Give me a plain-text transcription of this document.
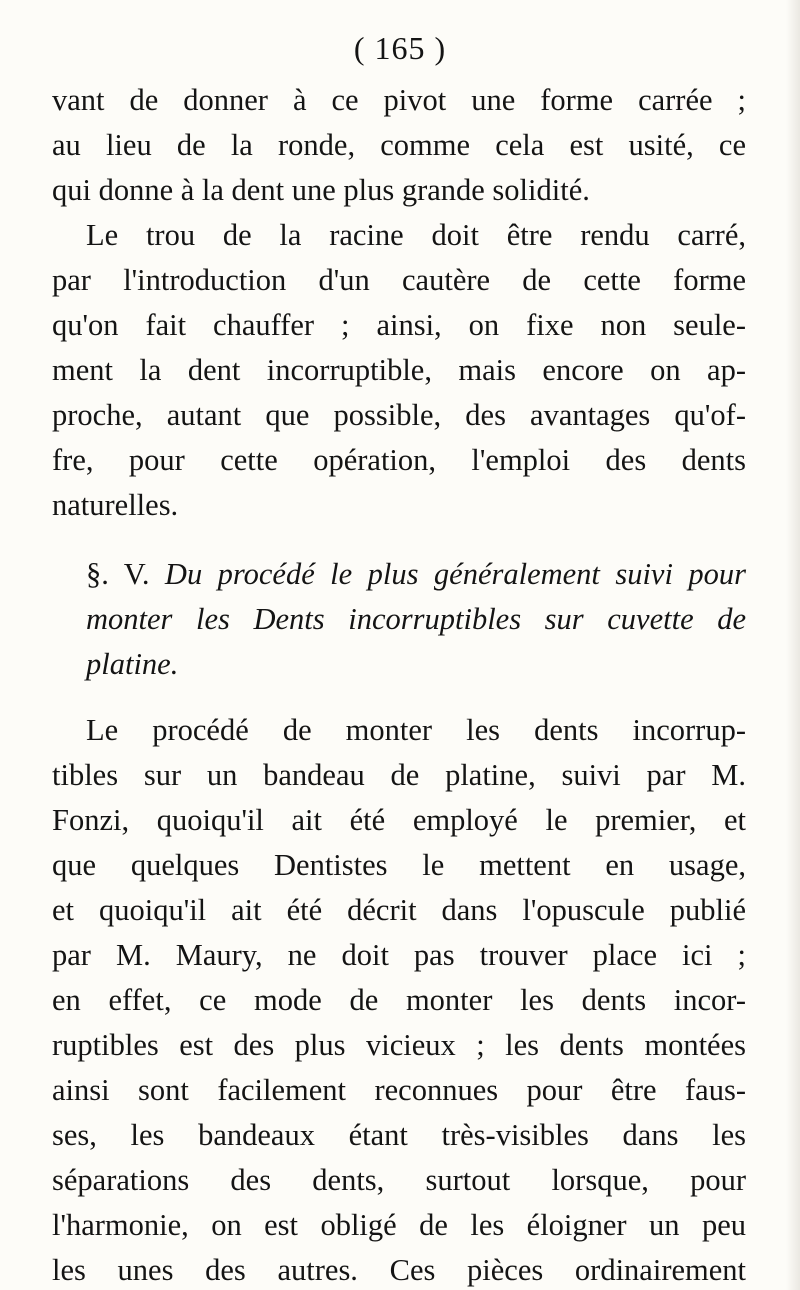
( 165 )
vant de donner à ce pivot une forme carrée ;
au lieu de la ronde, comme cela est usité, ce
qui donne à la dent une plus grande solidité.
Le trou de la racine doit être rendu carré,
par l'introduction d'un cautère de cette forme
qu'on fait chauffer ; ainsi, on fixe non seule-
ment la dent incorruptible, mais encore on ap-
proche, autant que possible, des avantages qu'of-
fre, pour cette opération, l'emploi des dents
naturelles.
§. V. Du procédé le plus généralement suivi pour
monter les Dents incorruptibles sur cuvette de
platine.
Le procédé de monter les dents incorrup-
tibles sur un bandeau de platine, suivi par M.
Fonzi, quoiqu'il ait été employé le premier, et
que quelques Dentistes le mettent en usage,
et quoiqu'il ait été décrit dans l'opuscule publié
par M. Maury, ne doit pas trouver place ici ;
en effet, ce mode de monter les dents incor-
ruptibles est des plus vicieux ; les dents montées
ainsi sont facilement reconnues pour être faus-
ses, les bandeaux étant très-visibles dans les
séparations des dents, surtout lorsque, pour
l'harmonie, on est obligé de les éloigner un peu
les unes des autres. Ces pièces ordinairement
